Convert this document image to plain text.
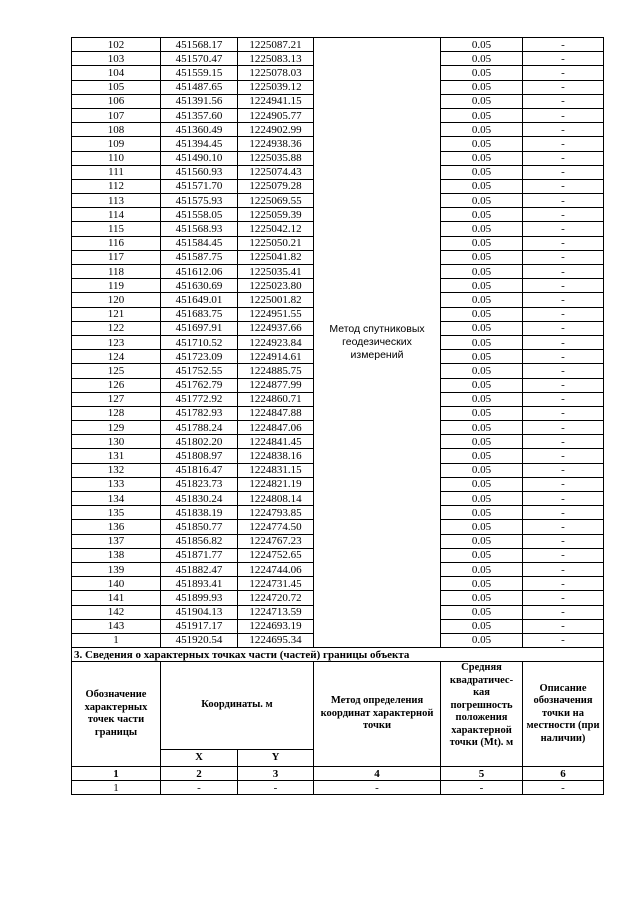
102	451568.17	1225087.21	Метод спутниковых геодезических измерений	0.05	-
103	451570.47	1225083.13		0.05	-
104	451559.15	1225078.03		0.05	-
105	451487.65	1225039.12		0.05	-
106	451391.56	1224941.15		0.05	-
107	451357.60	1224905.77		0.05	-
108	451360.49	1224902.99		0.05	-
109	451394.45	1224938.36		0.05	-
110	451490.10	1225035.88		0.05	-
111	451560.93	1225074.43		0.05	-
112	451571.70	1225079.28		0.05	-
113	451575.93	1225069.55		0.05	-
114	451558.05	1225059.39		0.05	-
115	451568.93	1225042.12		0.05	-
116	451584.45	1225050.21		0.05	-
117	451587.75	1225041.82		0.05	-
118	451612.06	1225035.41		0.05	-
119	451630.69	1225023.80		0.05	-
120	451649.01	1225001.82		0.05	-
121	451683.75	1224951.55		0.05	-
122	451697.91	1224937.66		0.05	-
123	451710.52	1224923.84		0.05	-
124	451723.09	1224914.61		0.05	-
125	451752.55	1224885.75		0.05	-
126	451762.79	1224877.99		0.05	-
127	451772.92	1224860.71		0.05	-
128	451782.93	1224847.88		0.05	-
129	451788.24	1224847.06		0.05	-
130	451802.20	1224841.45		0.05	-
131	451808.97	1224838.16		0.05	-
132	451816.47	1224831.15		0.05	-
133	451823.73	1224821.19		0.05	-
134	451830.24	1224808.14		0.05	-
135	451838.19	1224793.85		0.05	-
136	451850.77	1224774.50		0.05	-
137	451856.82	1224767.23		0.05	-
138	451871.77	1224752.65		0.05	-
139	451882.47	1224744.06		0.05	-
140	451893.41	1224731.45		0.05	-
141	451899.93	1224720.72		0.05	-
142	451904.13	1224713.59		0.05	-
143	451917.17	1224693.19		0.05	-
1	451920.54	1224695.34		0.05	-
3. Сведения о характерных точках части (частей) границы объекта					
Обозначение характерных точек части границы	Координаты. м		Метод определения координат характерной точки	Средняя квадратичес-кая погрешность положения характерной точки (Mt). м	Описание обозначения точки на местности (при наличии)
	X	Y			
1	2	3	4	5	6
1	-	-	-	-	-
